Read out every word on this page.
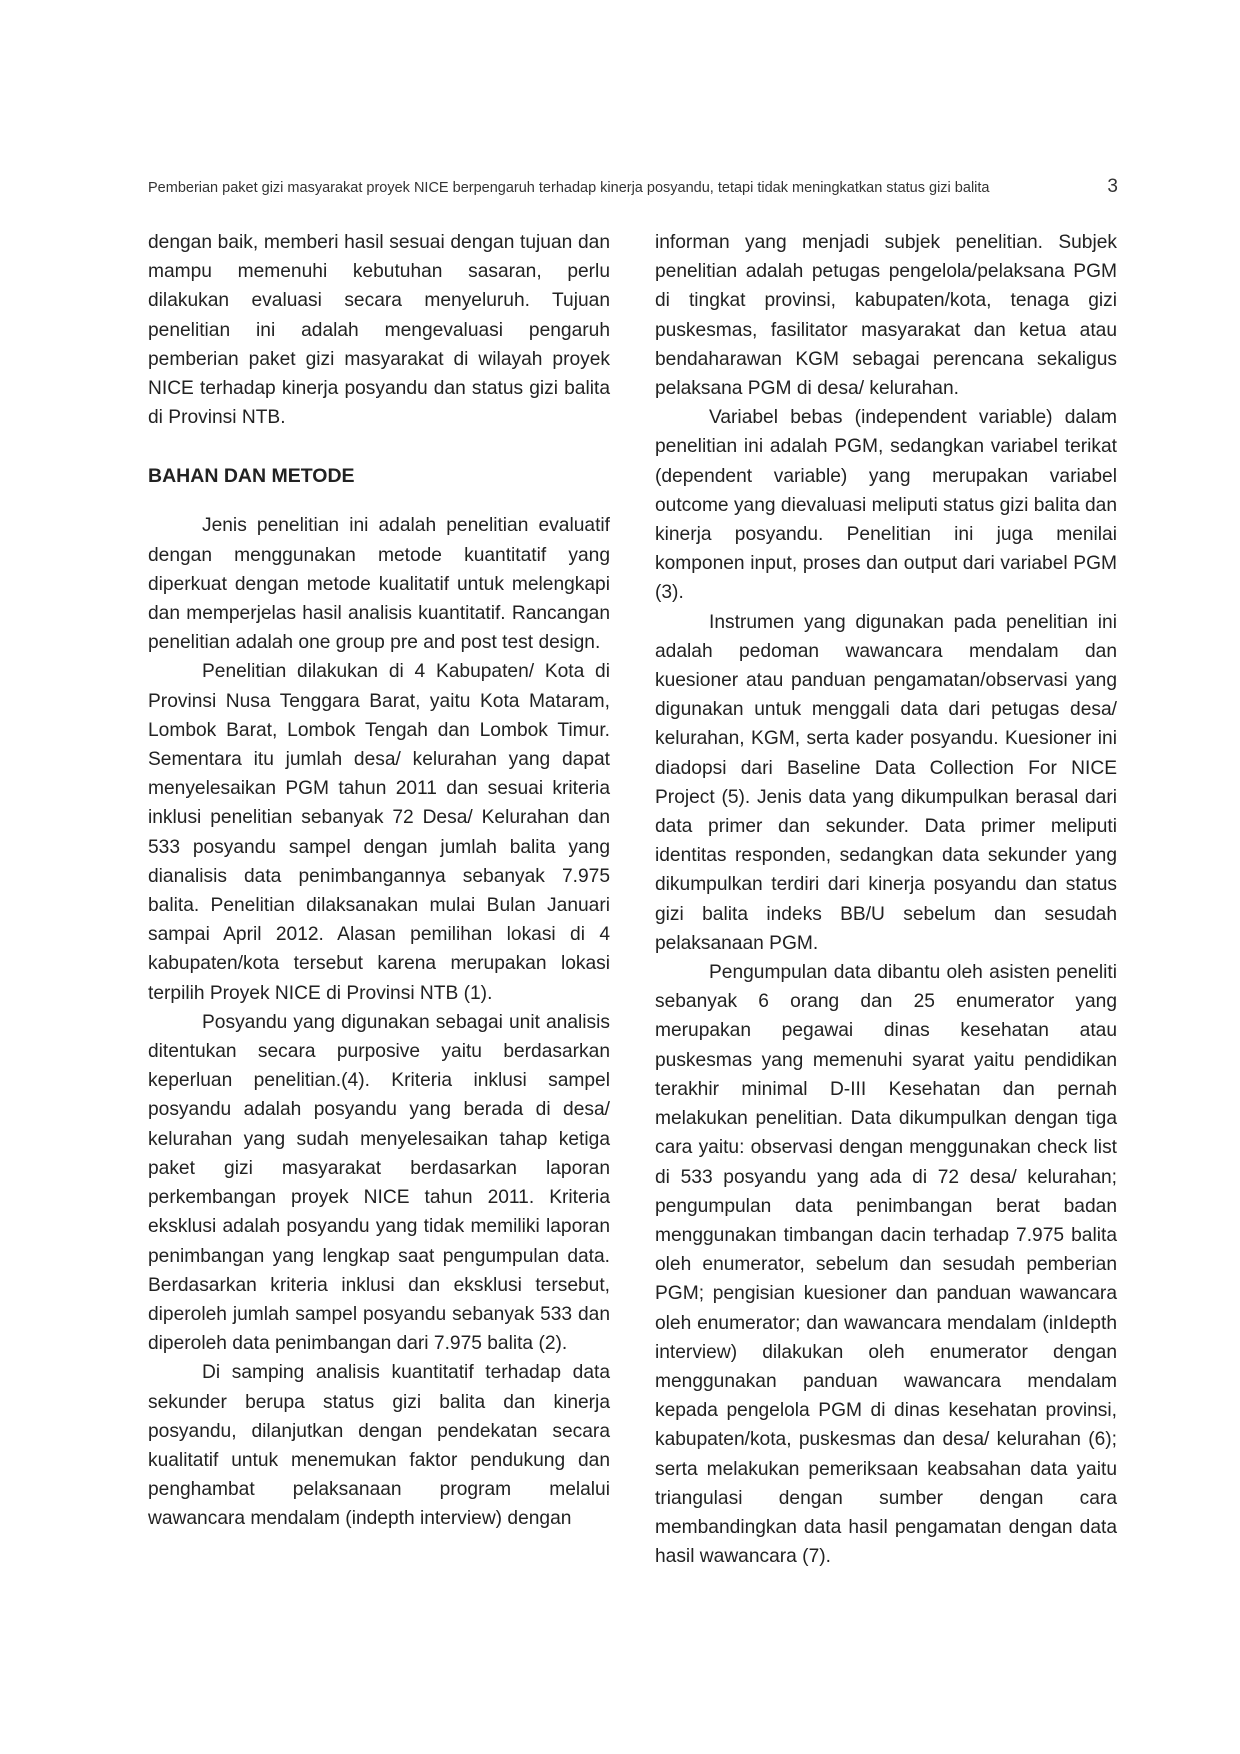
Pemberian paket gizi masyarakat proyek NICE berpengaruh terhadap kinerja posyandu, tetapi tidak meningkatkan status gizi balita	3

dengan baik, memberi hasil sesuai dengan tujuan dan mampu memenuhi kebutuhan sasaran, perlu dilakukan evaluasi secara menyeluruh. Tujuan penelitian ini adalah mengevaluasi pengaruh pemberian paket gizi masyarakat di wilayah proyek NICE terhadap kinerja posyandu dan status gizi balita di Provinsi NTB.

BAHAN DAN METODE

Jenis penelitian ini adalah penelitian evaluatif dengan menggunakan metode kuantitatif yang diperkuat dengan metode kualitatif untuk melengkapi dan memperjelas hasil analisis kuantitatif. Rancangan penelitian adalah one group pre and post test design.

Penelitian dilakukan di 4 Kabupaten/ Kota di Provinsi Nusa Tenggara Barat, yaitu Kota Mataram, Lombok Barat, Lombok Tengah dan Lombok Timur. Sementara itu jumlah desa/ kelurahan yang dapat menyelesaikan PGM tahun 2011 dan sesuai kriteria inklusi penelitian sebanyak 72 Desa/ Kelurahan dan 533 posyandu sampel dengan jumlah balita yang dianalisis data penimbangannya sebanyak 7.975 balita. Penelitian dilaksanakan mulai Bulan Januari sampai April 2012. Alasan pemilihan lokasi di 4 kabupaten/kota tersebut karena merupakan lokasi terpilih Proyek NICE di Provinsi NTB (1).

Posyandu yang digunakan sebagai unit analisis ditentukan secara purposive yaitu berdasarkan keperluan penelitian.(4). Kriteria inklusi sampel posyandu adalah posyandu yang berada di desa/ kelurahan yang sudah menyelesaikan tahap ketiga paket gizi masyarakat berdasarkan laporan perkembangan proyek NICE tahun 2011. Kriteria eksklusi adalah posyandu yang tidak memiliki laporan penimbangan yang lengkap saat pengumpulan data. Berdasarkan kriteria inklusi dan eksklusi tersebut, diperoleh jumlah sampel posyandu sebanyak 533 dan diperoleh data penimbangan dari 7.975 balita (2).

Di samping analisis kuantitatif terhadap data sekunder berupa status gizi balita dan kinerja posyandu, dilanjutkan dengan pendekatan secara kualitatif untuk menemukan faktor pendukung dan penghambat pelaksanaan program melalui wawancara mendalam (indepth interview) dengan

informan yang menjadi subjek penelitian. Subjek penelitian adalah petugas pengelola/pelaksana PGM di tingkat provinsi, kabupaten/kota, tenaga gizi puskesmas, fasilitator masyarakat dan ketua atau bendaharawan KGM sebagai perencana sekaligus pelaksana PGM di desa/ kelurahan.

Variabel bebas (independent variable) dalam penelitian ini adalah PGM, sedangkan variabel terikat (dependent variable) yang merupakan variabel outcome yang dievaluasi meliputi status gizi balita dan kinerja posyandu. Penelitian ini juga menilai komponen input, proses dan output dari variabel PGM (3).

Instrumen yang digunakan pada penelitian ini adalah pedoman wawancara mendalam dan kuesioner atau panduan pengamatan/observasi yang digunakan untuk menggali data dari petugas desa/ kelurahan, KGM, serta kader posyandu. Kuesioner ini diadopsi dari Baseline Data Collection For NICE Project (5). Jenis data yang dikumpulkan berasal dari data primer dan sekunder. Data primer meliputi identitas responden, sedangkan data sekunder yang dikumpulkan terdiri dari kinerja posyandu dan status gizi balita indeks BB/U sebelum dan sesudah pelaksanaan PGM.

Pengumpulan data dibantu oleh asisten peneliti sebanyak 6 orang dan 25 enumerator yang merupakan pegawai dinas kesehatan atau puskesmas yang memenuhi syarat yaitu pendidikan terakhir minimal D-III Kesehatan dan pernah melakukan penelitian. Data dikumpulkan dengan tiga cara yaitu: observasi dengan menggunakan check list di 533 posyandu yang ada di 72 desa/ kelurahan; pengumpulan data penimbangan berat badan menggunakan timbangan dacin terhadap 7.975 balita oleh enumerator, sebelum dan sesudah pemberian PGM; pengisian kuesioner dan panduan wawancara oleh enumerator; dan wawancara mendalam (inIdepth interview) dilakukan oleh enumerator dengan menggunakan panduan wawancara mendalam kepada pengelola PGM di dinas kesehatan provinsi, kabupaten/kota, puskesmas dan desa/ kelurahan (6); serta melakukan pemeriksaan keabsahan data yaitu triangulasi dengan sumber dengan cara membandingkan data hasil pengamatan dengan data hasil wawancara (7).
